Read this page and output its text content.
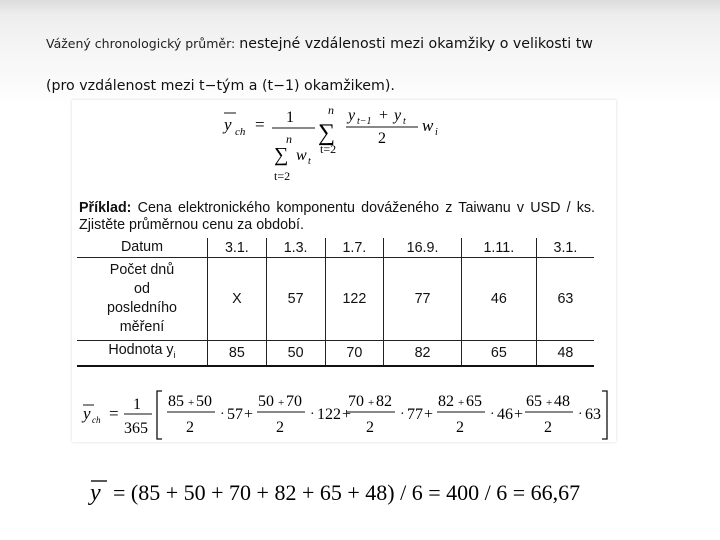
Vážený chronologický průměr: nestejné vzdálenosti mezi okamžiky o velikosti tw
(pro vzdálenost mezi t−tým a (t−1) okamžikem).
y ch = 1
n
∑ w t
t=2
n
∑
t=2
y t−1 + y t
2
w i
Příklad: Cena elektronického komponentu dováženého z Taiwanu v USD / ks. Zjistěte průměrnou cenu za období.
Datum	3.1.	1.3.	1.7.	16.9.	1.11.	3.1.

Počet dnů
od
posledního
měření	X	57	122	77	46	63
Hodnota $y_i$	85	50	70	82	65	48
y ch = 1
365
85 + 50
2
· 57 +
50 + 70
2
· 122 +
70 + 82
2
· 77 +
82 + 65
2
· 46 +
65 + 48
2
· 63
y = (85 + 50 + 70 + 82 + 65 + 48) / 6 = 400 / 6 = 66,67
